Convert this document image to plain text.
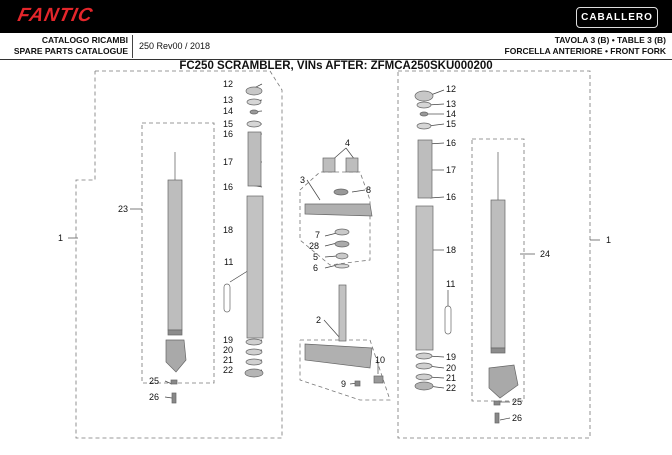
FANTIC	CABALLERO
CATALOGO RICAMBI
SPARE PARTS CATALOGUE	250 Rev00 / 2018
TAVOLA 3 (B) • TABLE 3 (B)
FORCELLA ANTERIORE • FRONT FORK
FC250 SCRAMBLER, VINs AFTER: ZFMCA250SKU000200
1	1
2
3
4
5
6
7
8
9
10
11
11
12	12
13	13
14	14
15	15
16
16
16
16
17
17
18
18
19
19
20
20
21
21
22
22
23
24
25
25
26
26
28
